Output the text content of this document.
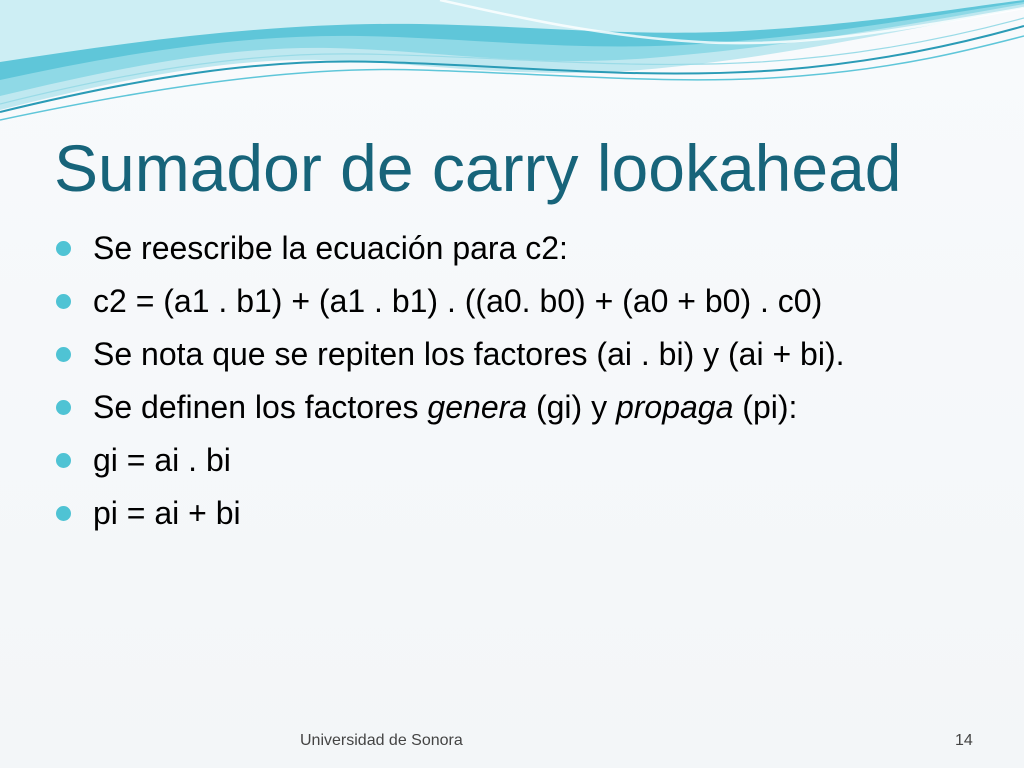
Sumador de carry lookahead
Se reescribe la ecuación para c2:
c2 = (a1 . b1) + (a1 . b1) . ((a0. b0) + (a0 + b0) . c0)
Se nota que se repiten los factores (ai . bi) y (ai + bi).
Se definen los factores genera (gi) y propaga (pi):
gi = ai . bi
pi = ai + bi
Universidad de Sonora	14
